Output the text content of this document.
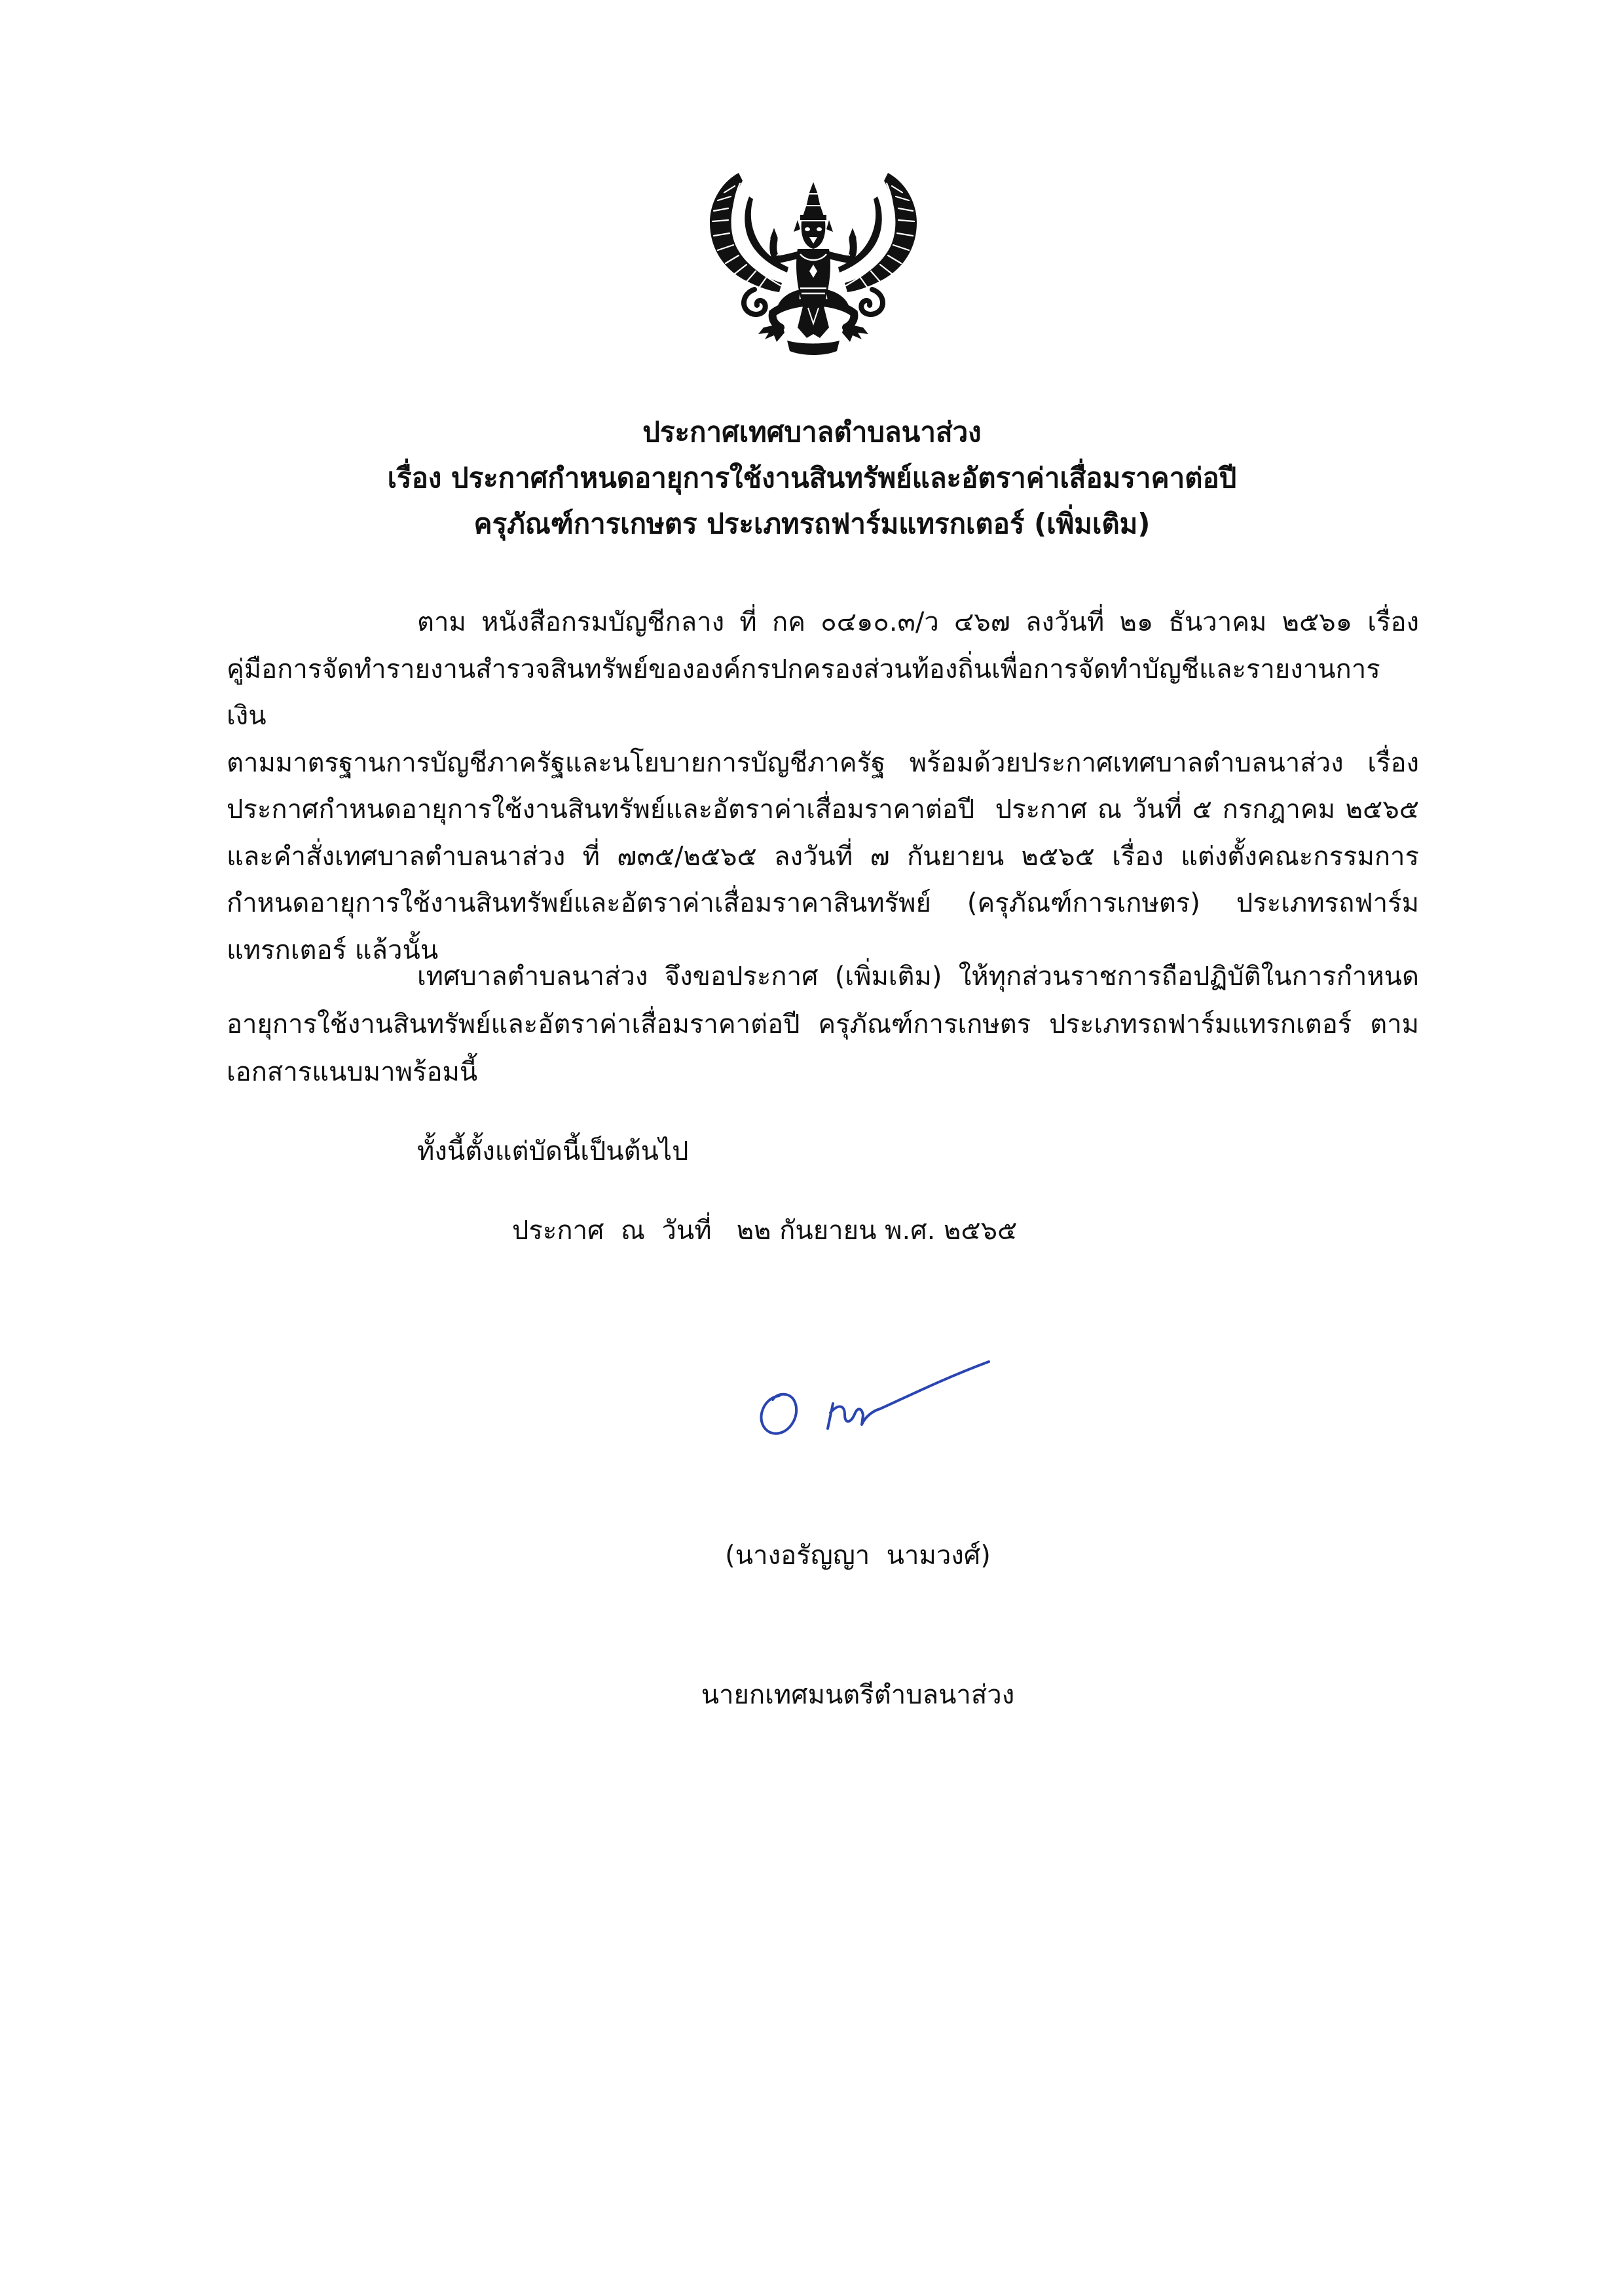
ประกาศเทศบาลตำบลนาส่วง
เรื่อง ประกาศกำหนดอายุการใช้งานสินทรัพย์และอัตราค่าเสื่อมราคาต่อปี
ครุภัณฑ์การเกษตร ประเภทรถฟาร์มแทรกเตอร์ (เพิ่มเติม)
ตาม หนังสือกรมบัญชีกลาง ที่ กค ๐๔๑๐.๓/ว ๔๖๗ ลงวันที่ ๒๑ ธันวาคม ๒๕๖๑ เรื่อง
คู่มือการจัดทำรายงานสำรวจสินทรัพย์ขององค์กรปกครองส่วนท้องถิ่นเพื่อการจัดทำบัญชีและรายงานการเงิน
ตามมาตรฐานการบัญชีภาครัฐและนโยบายการบัญชีภาครัฐ พร้อมด้วยประกาศเทศบาลตำบลนาส่วง เรื่อง
ประกาศกำหนดอายุการใช้งานสินทรัพย์และอัตราค่าเสื่อมราคาต่อปี  ประกาศ ณ วันที่ ๕ กรกฎาคม ๒๕๖๕
และคำสั่งเทศบาลตำบลนาส่วง ที่ ๗๓๕/๒๕๖๕ ลงวันที่ ๗ กันยายน ๒๕๖๕ เรื่อง แต่งตั้งคณะกรรมการ
กำหนดอายุการใช้งานสินทรัพย์และอัตราค่าเสื่อมราคาสินทรัพย์ (ครุภัณฑ์การเกษตร) ประเภทรถฟาร์ม
แทรกเตอร์ แล้วนั้น
เทศบาลตำบลนาส่วง จึงขอประกาศ (เพิ่มเติม) ให้ทุกส่วนราชการถือปฏิบัติในการกำหนด
อายุการใช้งานสินทรัพย์และอัตราค่าเสื่อมราคาต่อปี ครุภัณฑ์การเกษตร ประเภทรถฟาร์มแทรกเตอร์ ตาม
เอกสารแนบมาพร้อมนี้
ทั้งนี้ตั้งแต่บัดนี้เป็นต้นไป
ประกาศ  ณ  วันที่   ๒๒ กันยายน พ.ศ. ๒๕๖๕

(นางอรัญญา  นามวงศ์)

นายกเทศมนตรีตำบลนาส่วง
